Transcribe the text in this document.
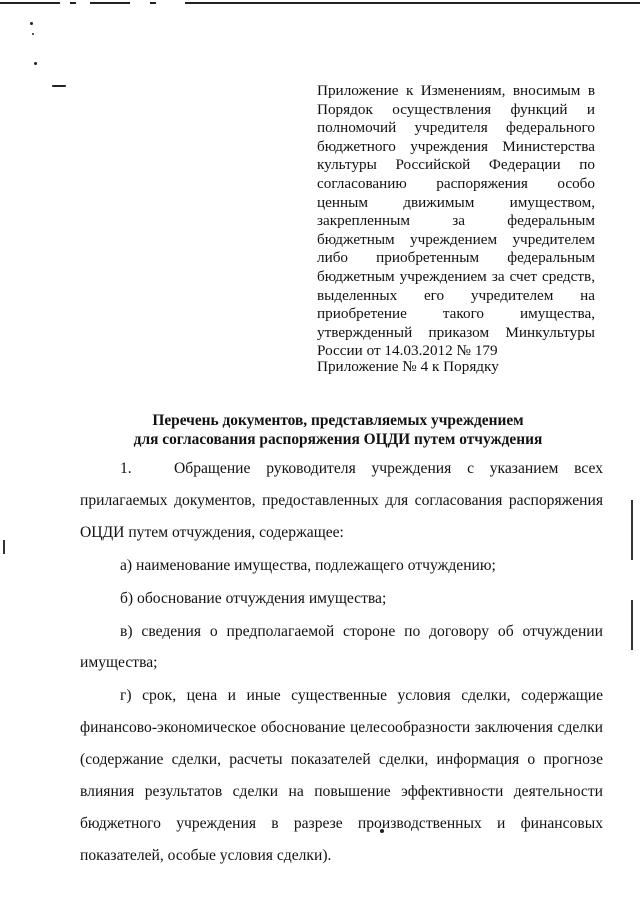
Приложение к Изменениям, вносимым в
Порядок осуществления функций и
полномочий учредителя федерального
бюджетного учреждения Министерства
культуры Российской Федерации по
согласованию распоряжения особо
ценным движимым имуществом,
закрепленным за федеральным
бюджетным учреждением учредителем
либо приобретенным федеральным
бюджетным учреждением за счет средств,
выделенных его учредителем на
приобретение такого имущества,
утвержденный приказом Минкультуры
России от 14.03.2012 № 179
Приложение № 4 к Порядку
Перечень документов, представляемых учреждением
для согласования распоряжения ОЦДИ путем отчуждения
1.	Обращение руководителя учреждения с указанием всех
прилагаемых документов, предоставленных для согласования распоряжения
ОЦДИ путем отчуждения, содержащее:
а) наименование имущества, подлежащего отчуждению;
б) обоснование отчуждения имущества;
в) сведения о предполагаемой стороне по договору об отчуждении
имущества;
г) срок, цена и иные существенные условия сделки, содержащие
финансово-экономическое обоснование целесообразности заключения сделки
(содержание сделки, расчеты показателей сделки, информация о прогнозе
влияния результатов сделки на повышение эффективности деятельности
бюджетного учреждения в разрезе производственных и финансовых
показателей, особые условия сделки).
